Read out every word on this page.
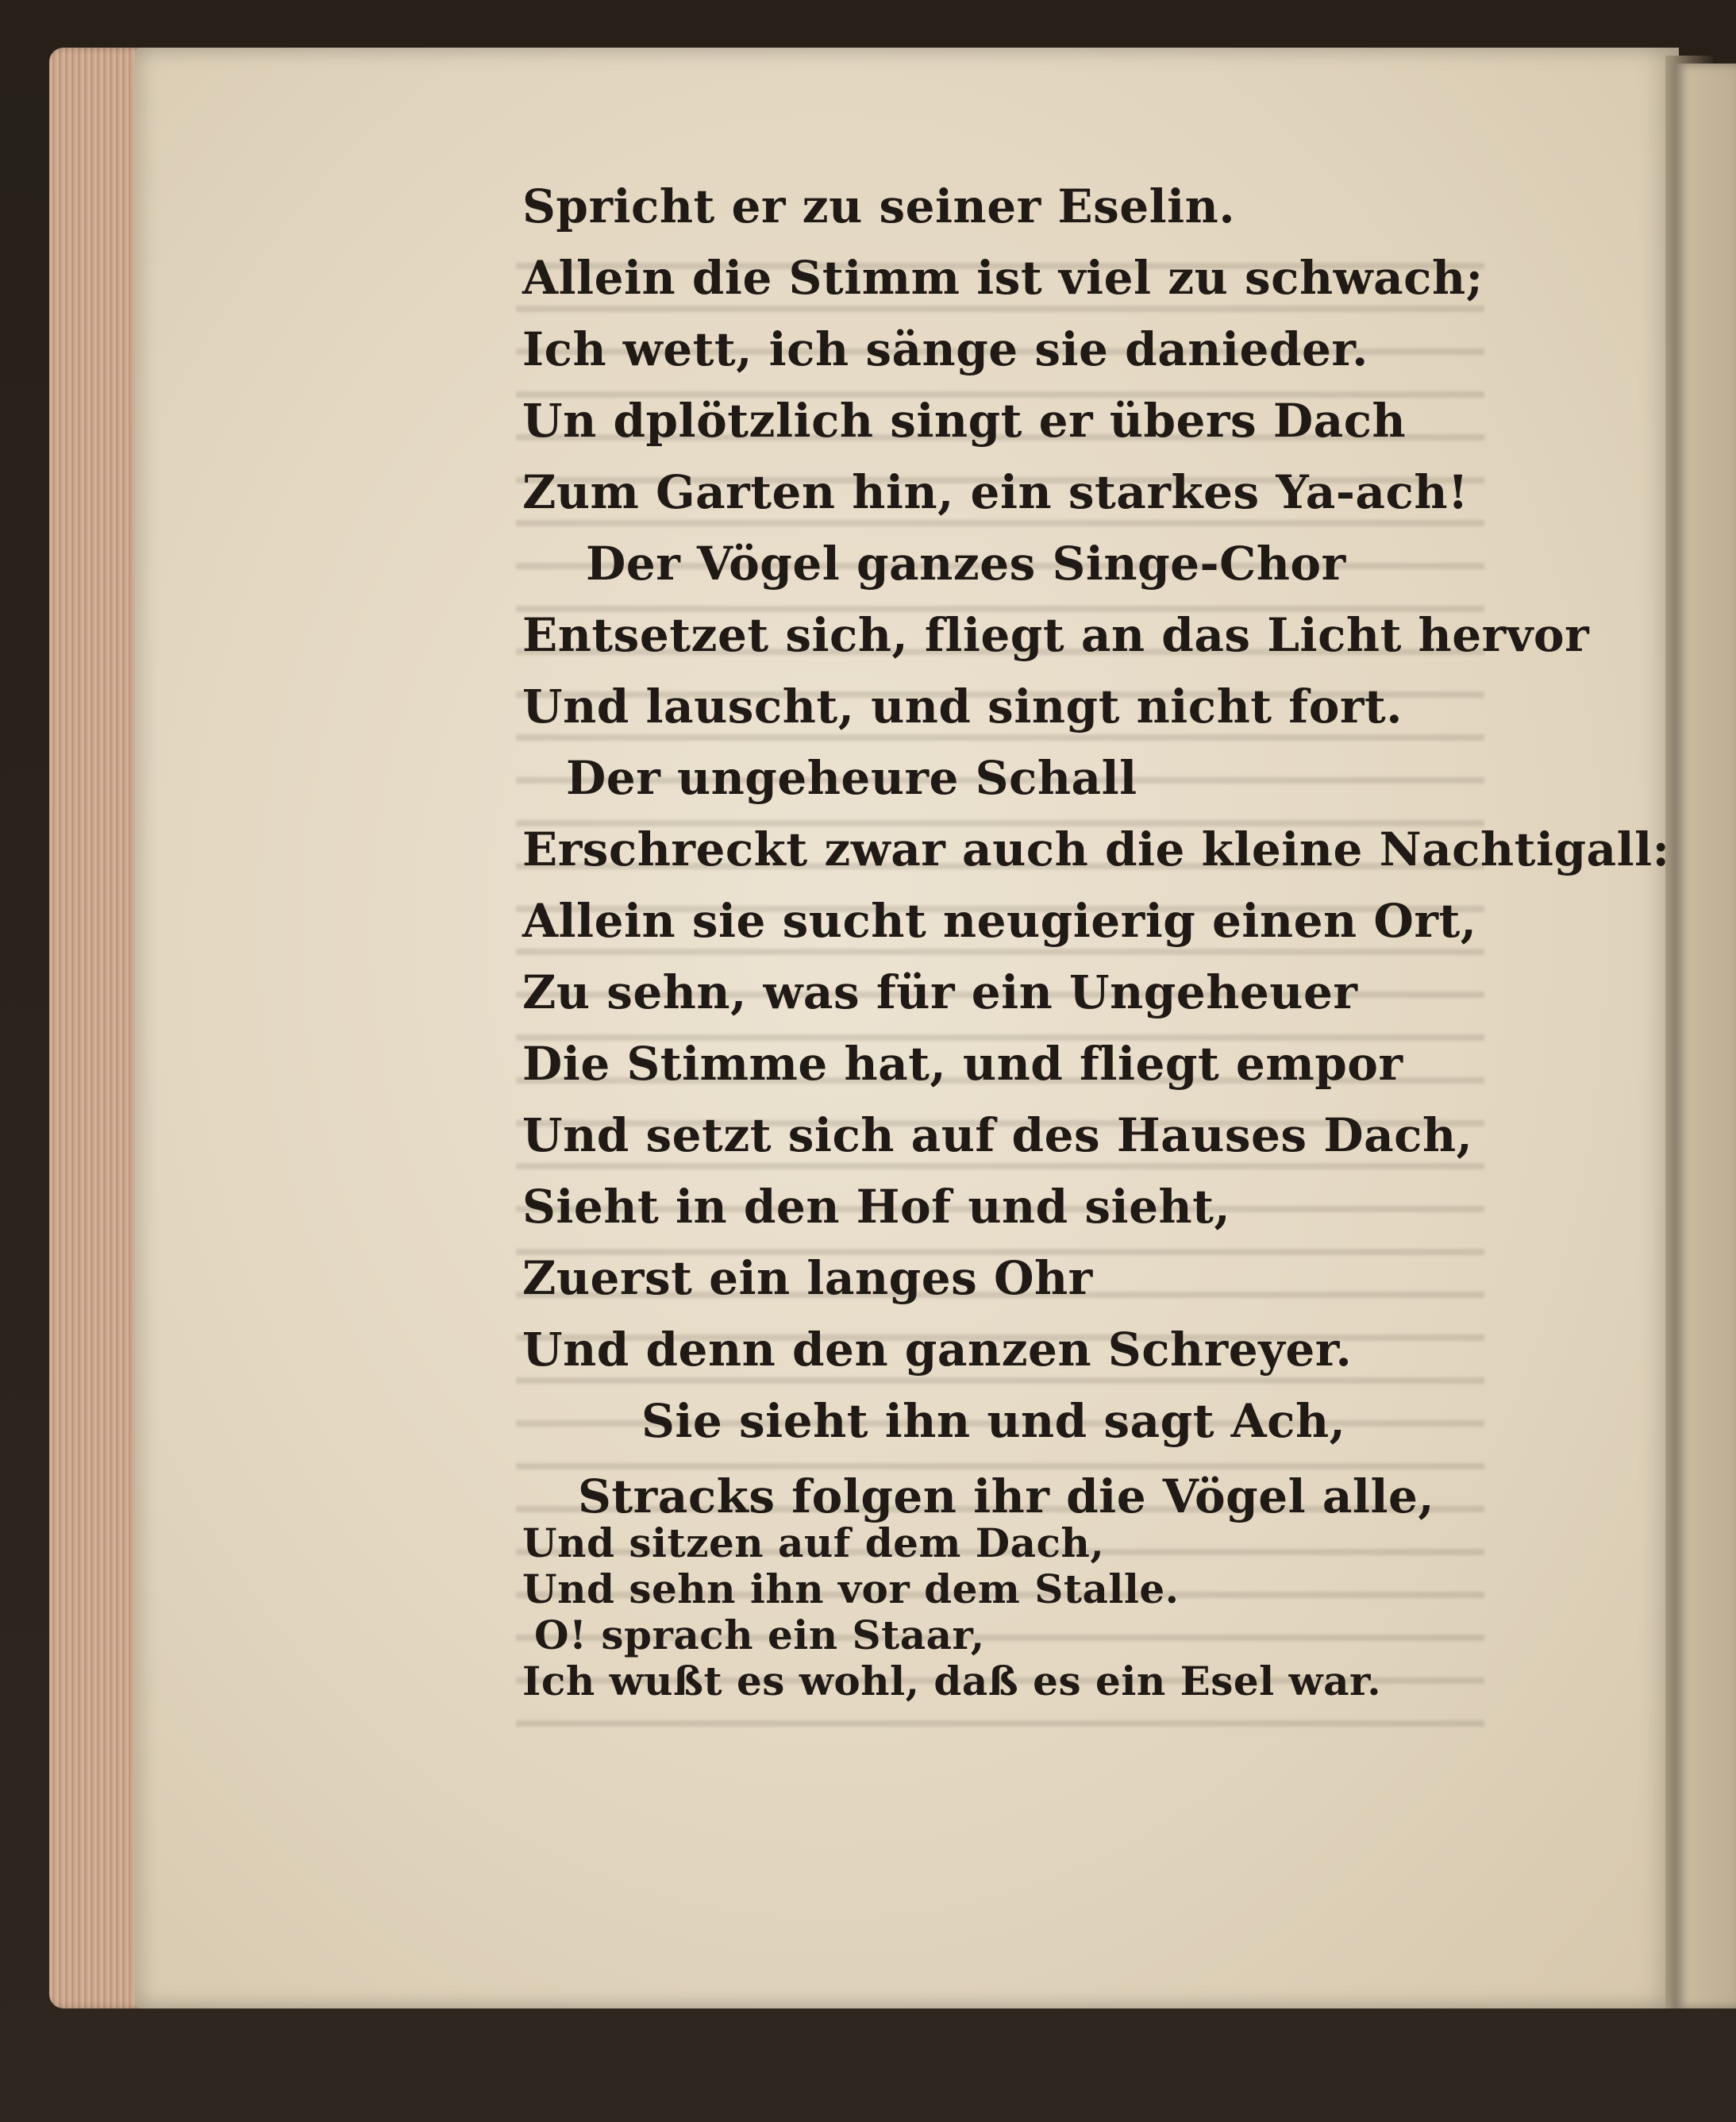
Spricht er zu seiner Eselin.
Allein die Stimm ist viel zu schwach;
Ich wett, ich sänge sie danieder.
Un dplötzlich singt er übers Dach
Zum Garten hin, ein starkes Ya-ach!
Der Vögel ganzes Singe-Chor
Entsetzet sich, fliegt an das Licht hervor
Und lauscht, und singt nicht fort.
Der ungeheure Schall
Erschreckt zwar auch die kleine Nachtigall:
Allein sie sucht neugierig einen Ort,
Zu sehn, was für ein Ungeheuer
Die Stimme hat, und fliegt empor
Und setzt sich auf des Hauses Dach,
Sieht in den Hof und sieht,
Zuerst ein langes Ohr
Und denn den ganzen Schreyer.
Sie sieht ihn und sagt Ach,
Stracks folgen ihr die Vögel alle,
Und sitzen auf dem Dach,
Und sehn ihn vor dem Stalle.
O! sprach ein Staar,
Ich wußt es wohl, daß es ein Esel war.
